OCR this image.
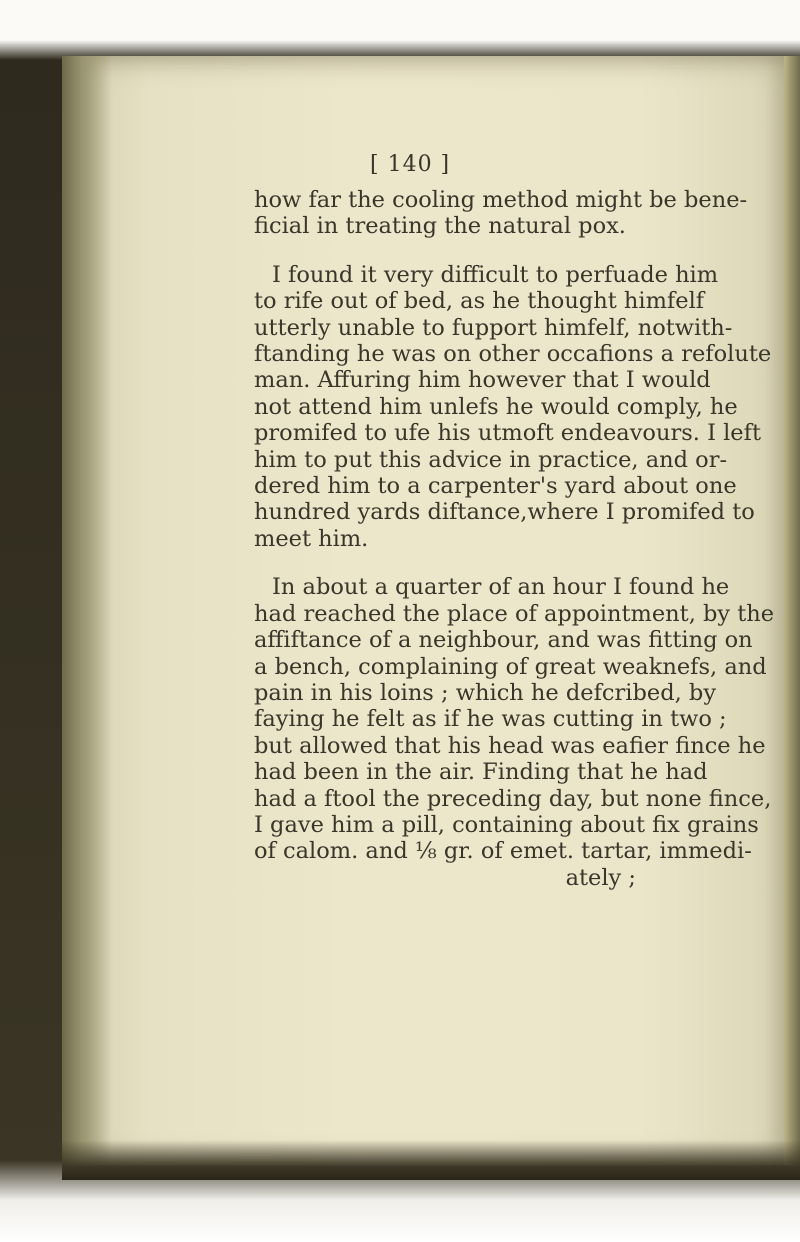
[ 140 ]
how far the cooling method might be bene-
ficial in treating the natural pox.
I found it very difficult to perfuade him
to rife out of bed, as he thought himfelf
utterly unable to fupport himfelf, notwith-
ftanding he was on other occafions a refolute
man. Affuring him however that I would
not attend him unlefs he would comply, he
promifed to ufe his utmoft endeavours. I left
him to put this advice in practice, and or-
dered him to a carpenter's yard about one
hundred yards diftance,where I promifed to
meet him.
In about a quarter of an hour I found he
had reached the place of appointment, by the
affiftance of a neighbour, and was fitting on
a bench, complaining of great weaknefs, and
pain in his loins ; which he defcribed, by
faying he felt as if he was cutting in two ;
but allowed that his head was eafier fince he
had been in the air. Finding that he had
had a ftool the preceding day, but none fince,
I gave him a pill, containing about fix grains
of calom. and ⅛ gr. of emet. tartar, immedi-
ately ;
